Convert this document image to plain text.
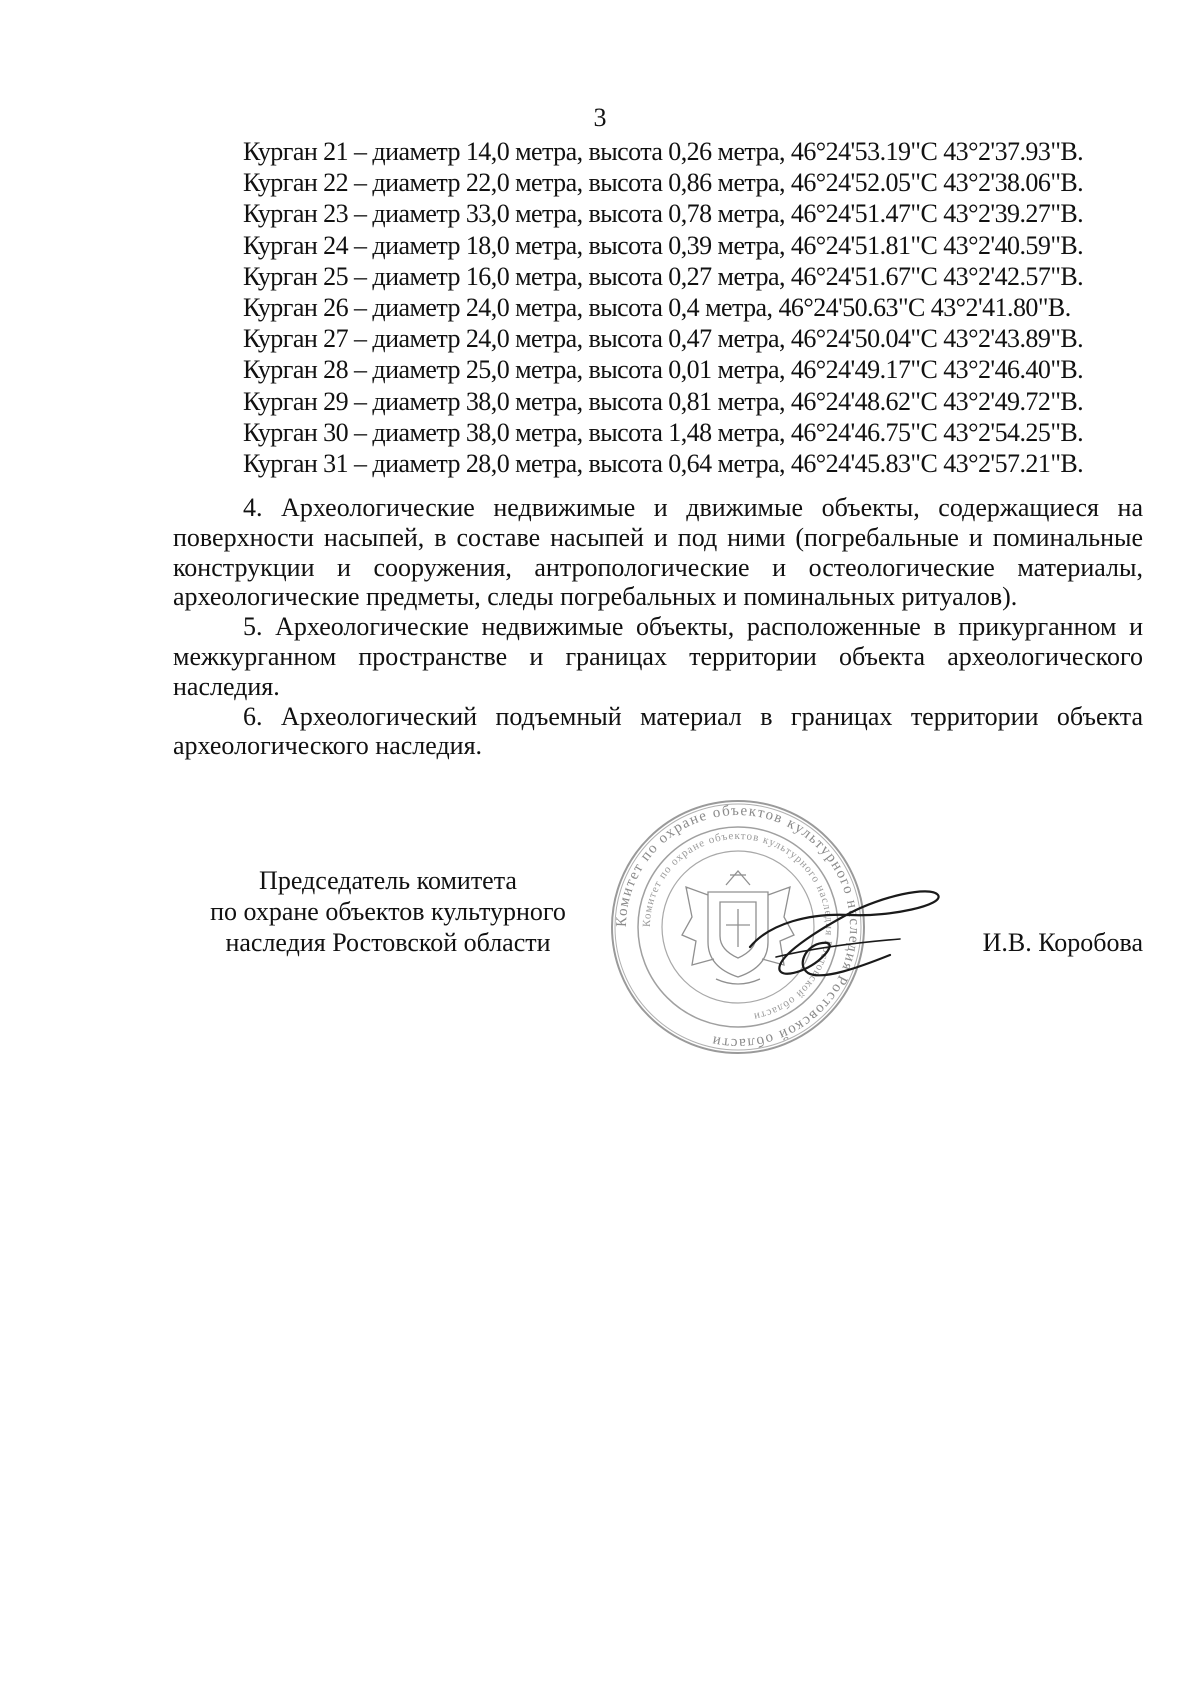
3
Курган 21 – диаметр 14,0 метра, высота 0,26 метра, 46°24'53.19"С 43°2'37.93"В.
Курган 22 – диаметр 22,0 метра, высота 0,86 метра, 46°24'52.05"С 43°2'38.06"В.
Курган 23 – диаметр 33,0 метра, высота 0,78 метра, 46°24'51.47"С 43°2'39.27"В.
Курган 24 – диаметр 18,0 метра, высота 0,39 метра, 46°24'51.81"С 43°2'40.59"В.
Курган 25 – диаметр 16,0 метра, высота 0,27 метра, 46°24'51.67"С 43°2'42.57"В.
Курган 26 – диаметр 24,0 метра, высота 0,4 метра, 46°24'50.63"С 43°2'41.80"В.
Курган 27 – диаметр 24,0 метра, высота 0,47 метра, 46°24'50.04"С 43°2'43.89"В.
Курган 28 – диаметр 25,0 метра, высота 0,01 метра, 46°24'49.17"С 43°2'46.40"В.
Курган 29 – диаметр 38,0 метра, высота 0,81 метра, 46°24'48.62"С 43°2'49.72"В.
Курган 30 – диаметр 38,0 метра, высота 1,48 метра, 46°24'46.75"С 43°2'54.25"В.
Курган 31 – диаметр 28,0 метра, высота 0,64 метра, 46°24'45.83"С 43°2'57.21"В.

4. Археологические недвижимые и движимые объекты, содержащиеся на поверхности насыпей, в составе насыпей и под ними (погребальные и поминальные конструкции и сооружения, антропологические и остеологические материалы, археологические предметы, следы погребальных и поминальных ритуалов).

5. Археологические недвижимые объекты, расположенные в прикурганном и межкурганном пространстве и границах территории объекта археологического наследия.

6. Археологический подъемный материал в границах территории объекта археологического наследия.

Председатель комитета
по охране объектов культурного
наследия Ростовской области	И.В. Коробова
Комитет по охране объектов культурного наследия Ростовской области
Комитет по охране объектов культурного наследия Ростовской области
